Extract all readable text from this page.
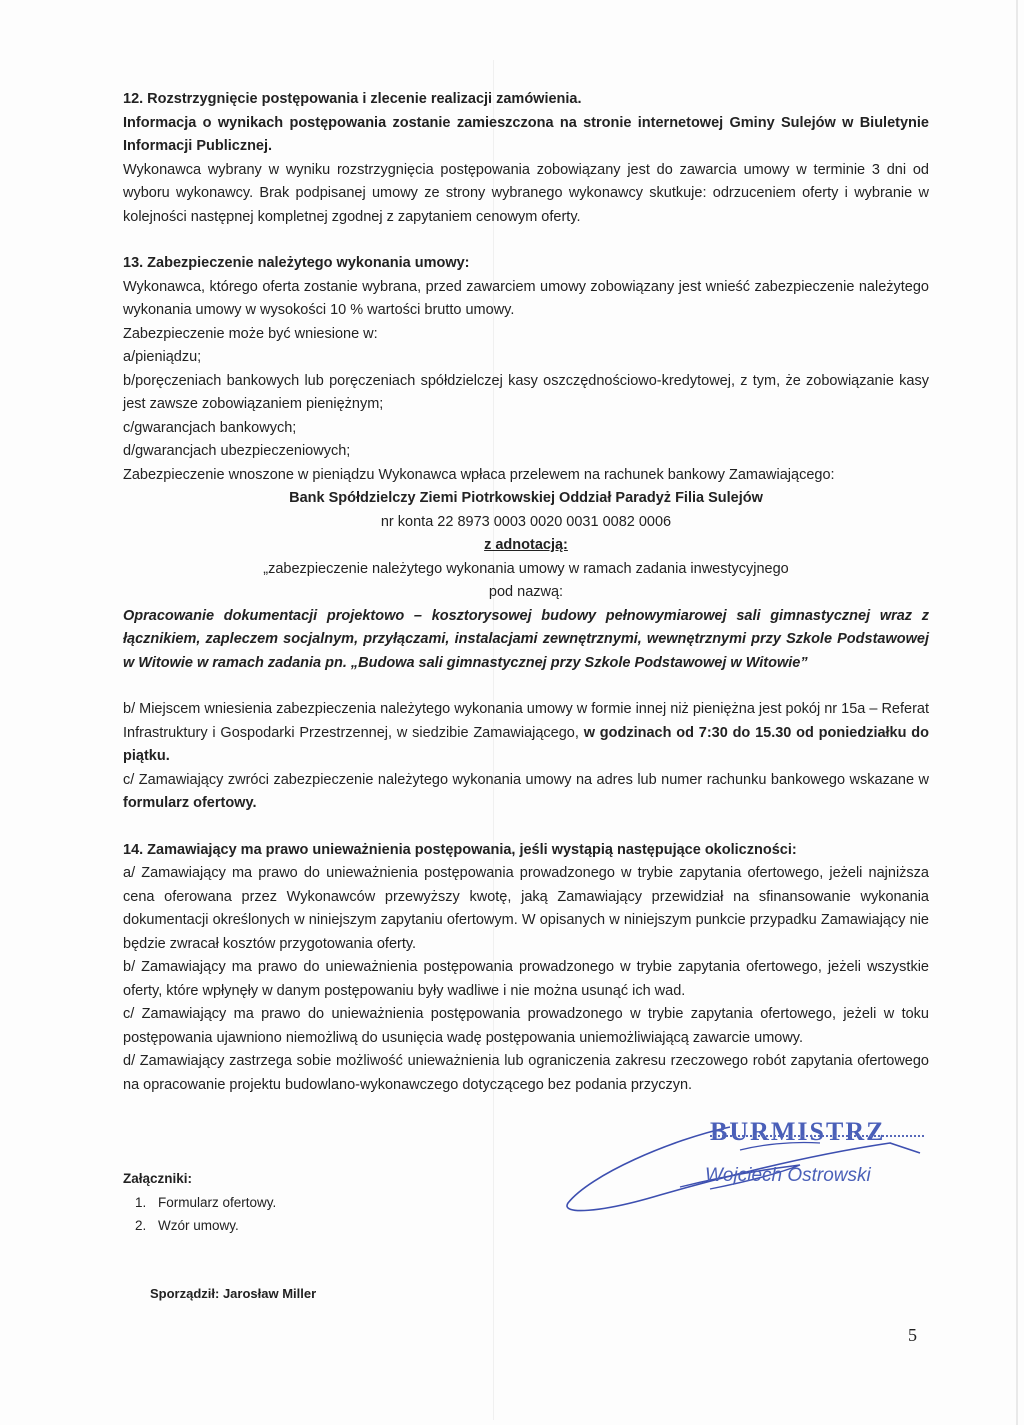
12. Rozstrzygnięcie postępowania i zlecenie realizacji zamówienia.

Informacja o wynikach postępowania zostanie zamieszczona na stronie internetowej Gminy Sulejów w Biuletynie Informacji Publicznej.

Wykonawca wybrany w wyniku rozstrzygnięcia postępowania zobowiązany jest do zawarcia umowy w terminie 3 dni od wyboru wykonawcy. Brak podpisanej umowy ze strony wybranego wykonawcy skutkuje: odrzuceniem oferty i wybranie w kolejności następnej kompletnej zgodnej z zapytaniem cenowym oferty.

13. Zabezpieczenie należytego wykonania umowy:

Wykonawca, którego oferta zostanie wybrana, przed zawarciem umowy zobowiązany jest wnieść zabezpieczenie należytego wykonania umowy w wysokości 10 % wartości brutto umowy.

Zabezpieczenie może być wniesione w:

a/pieniądzu;

b/poręczeniach bankowych lub poręczeniach spółdzielczej kasy oszczędnościowo-kredytowej, z tym, że zobowiązanie kasy jest zawsze zobowiązaniem pieniężnym;

c/gwarancjach bankowych;

d/gwarancjach ubezpieczeniowych;

Zabezpieczenie wnoszone w pieniądzu Wykonawca wpłaca przelewem na rachunek bankowy Zamawiającego:

Bank Spółdzielczy Ziemi Piotrkowskiej Oddział Paradyż Filia Sulejów

nr konta 22 8973 0003 0020 0031 0082 0006

z adnotacją:

„zabezpieczenie należytego wykonania umowy w ramach zadania inwestycyjnego

pod nazwą:

Opracowanie dokumentacji projektowo – kosztorysowej budowy pełnowymiarowej sali gimnastycznej wraz z łącznikiem, zapleczem socjalnym, przyłączami, instalacjami zewnętrznymi, wewnętrznymi przy Szkole Podstawowej w Witowie w ramach zadania pn. „Budowa sali gimnastycznej przy Szkole Podstawowej w Witowie”

b/ Miejscem wniesienia zabezpieczenia należytego wykonania umowy w formie innej niż pieniężna jest pokój nr 15a – Referat Infrastruktury i Gospodarki Przestrzennej, w siedzibie Zamawiającego, w godzinach od 7:30 do 15.30 od poniedziałku do piątku.

c/ Zamawiający zwróci zabezpieczenie należytego wykonania umowy na adres lub numer rachunku bankowego wskazane w formularz ofertowy.

14. Zamawiający ma prawo unieważnienia postępowania, jeśli wystąpią następujące okoliczności:

a/ Zamawiający ma prawo do unieważnienia postępowania prowadzonego w trybie zapytania ofertowego, jeżeli najniższa cena oferowana przez Wykonawców przewyższy kwotę, jaką Zamawiający przewidział na sfinansowanie wykonania dokumentacji określonych w niniejszym zapytaniu ofertowym. W opisanych w niniejszym punkcie przypadku Zamawiający nie będzie zwracał kosztów przygotowania oferty.

b/ Zamawiający ma prawo do unieważnienia postępowania prowadzonego w trybie zapytania ofertowego, jeżeli wszystkie oferty, które wpłynęły w danym postępowaniu były wadliwe i nie można usunąć ich wad.

c/ Zamawiający ma prawo do unieważnienia postępowania prowadzonego w trybie zapytania ofertowego, jeżeli w toku postępowania ujawniono niemożliwą do usunięcia wadę postępowania uniemożliwiającą zawarcie umowy.

d/ Zamawiający zastrzega sobie możliwość unieważnienia lub ograniczenia zakresu rzeczowego robót zapytania ofertowego na opracowanie projektu budowlano-wykonawczego dotyczącego bez podania przyczyn.

Załączniki:

1. Formularz ofertowy.
2. Wzór umowy.
BURMISTRZ
Wojciech Ostrowski
Sporządził: Jarosław Miller
5
